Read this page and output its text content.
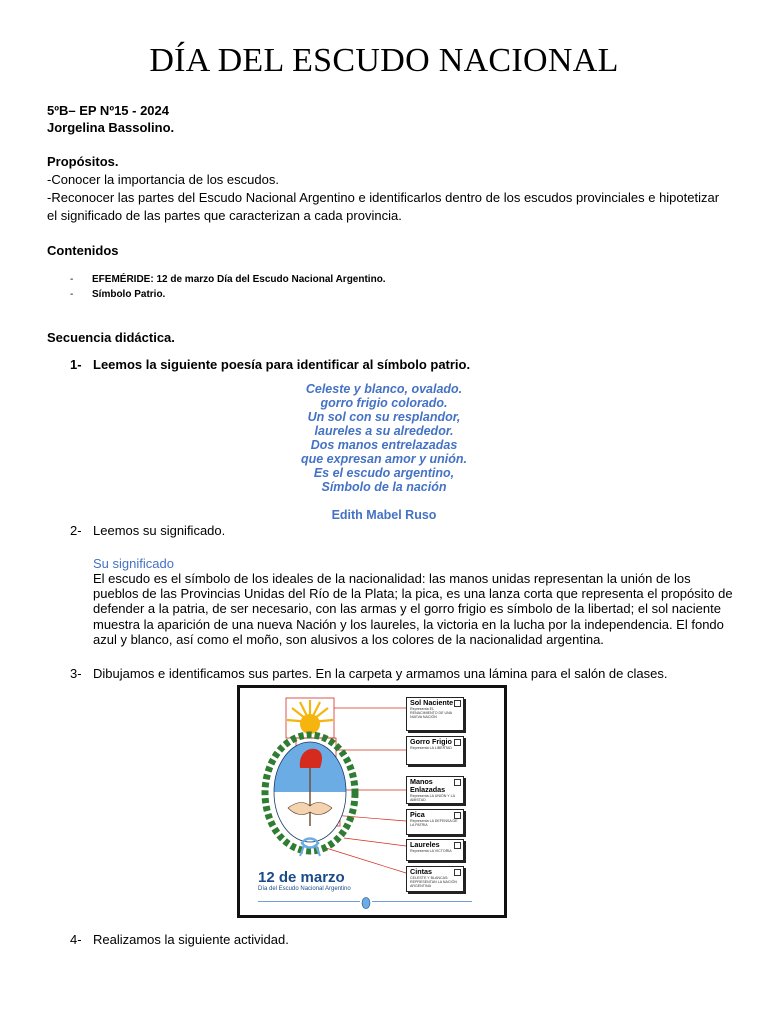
DÍA DEL ESCUDO NACIONAL
5ºB– EP Nº15 - 2024
Jorgelina Bassolino.
Propósitos.
-Conocer la importancia de los escudos.
-Reconocer las partes del Escudo Nacional Argentino e identificarlos dentro de los escudos provinciales e hipotetizar
el significado de las partes que caracterizan a cada provincia.
Contenidos
- EFEMÉRIDE: 12 de marzo Día del Escudo Nacional Argentino.
- Símbolo Patrio.
Secuencia didáctica.
1- Leemos la siguiente poesía para identificar al símbolo patrio.
Celeste y blanco, ovalado.
gorro frigio colorado.
Un sol con su resplandor,
laureles a su alrededor.
Dos manos entrelazadas
que expresan amor y unión.
Es el escudo argentino,
Símbolo de la nación
Edith Mabel Ruso
2- Leemos su significado.
Su significado
El escudo es el símbolo de los ideales de la nacionalidad: las manos unidas representan la unión de los pueblos de las Provincias Unidas del Río de la Plata; la pica, es una lanza corta que representa el propósito de defender a la patria, de ser necesario, con las armas y el gorro frigio es símbolo de la libertad; el sol naciente muestra la aparición de una nueva Nación y los laureles, la victoria en la lucha por la independencia. El fondo azul y blanco, así como el moño, son alusivos a los colores de la nacionalidad argentina.
3- Dibujamos e identificamos sus partes. En la carpeta y armamos una lámina para el salón de clases.
12 de marzo
Día del Escudo Nacional Argentino
Sol Naciente
Representa EL RENACIMIENTO DE UNA NUEVA NACIÓN
Gorro Frigio
Representa LA LIBERTAD
Manos Enlazadas
Representa LA UNIÓN Y LA AMISTAD
Pica
Representa LA DEFENSA DE LA PATRIA
Laureles
Representa LA VICTORIA
Cintas
CELESTE Y BLANCAS: REPRESENTAN LA NACIÓN ARGENTINA
4- Realizamos la siguiente actividad.
